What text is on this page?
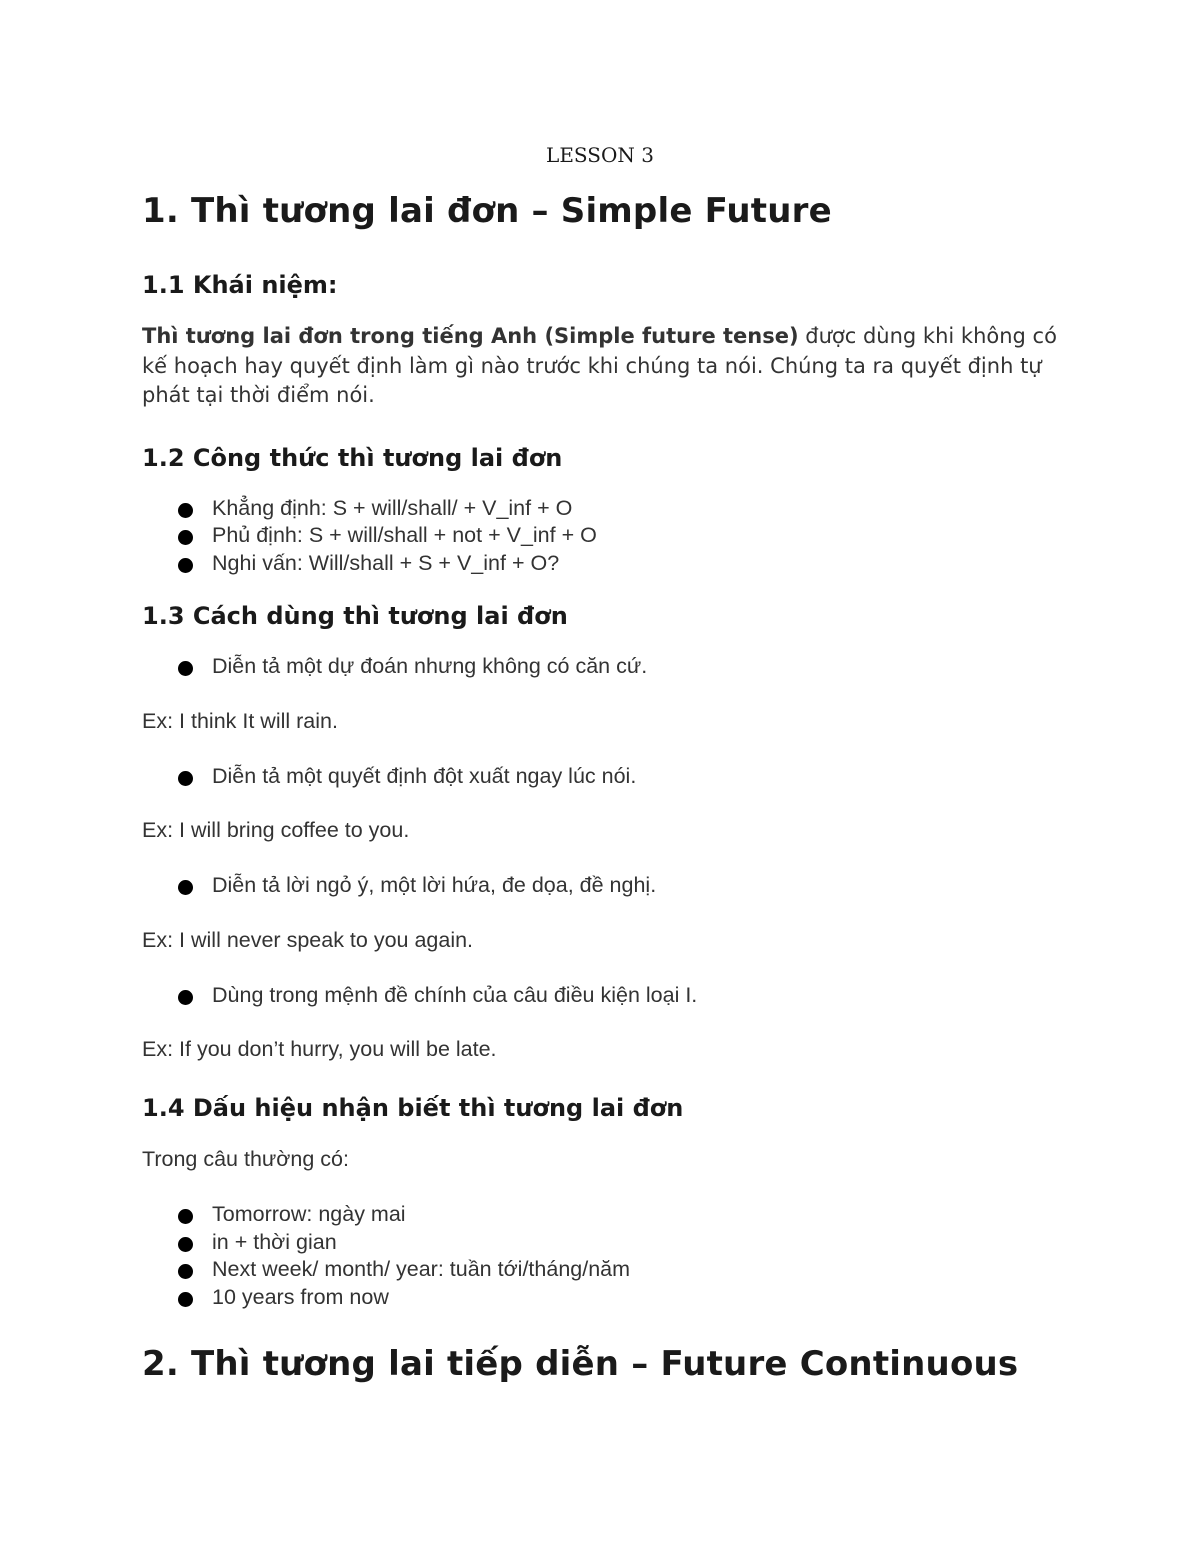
LESSON 3
1. Thì tương lai đơn – Simple Future
1.1 Khái niệm:

Thì tương lai đơn trong tiếng Anh (Simple future tense) được dùng khi không có kế hoạch hay quyết định làm gì nào trước khi chúng ta nói. Chúng ta ra quyết định tự phát tại thời điểm nói.

1.2 Công thức thì tương lai đơn
Khẳng định: S + will/shall/ + V_inf + O
Phủ định: S + will/shall + not + V_inf + O
Nghi vấn: Will/shall + S + V_inf + O?
1.3 Cách dùng thì tương lai đơn
Diễn tả một dự đoán nhưng không có căn cứ.

Ex: I think It will rain.

Diễn tả một quyết định đột xuất ngay lúc nói.

Ex: I will bring coffee to you.

Diễn tả lời ngỏ ý, một lời hứa, đe dọa, đề nghị.

Ex: I will never speak to you again.

Dùng trong mệnh đề chính của câu điều kiện loại I.

Ex: If you don’t hurry, you will be late.

1.4 Dấu hiệu nhận biết thì tương lai đơn

Trong câu thường có:

Tomorrow: ngày mai
in + thời gian
Next week/ month/ year: tuần tới/tháng/năm
10 years from now
2. Thì tương lai tiếp diễn – Future Continuous
